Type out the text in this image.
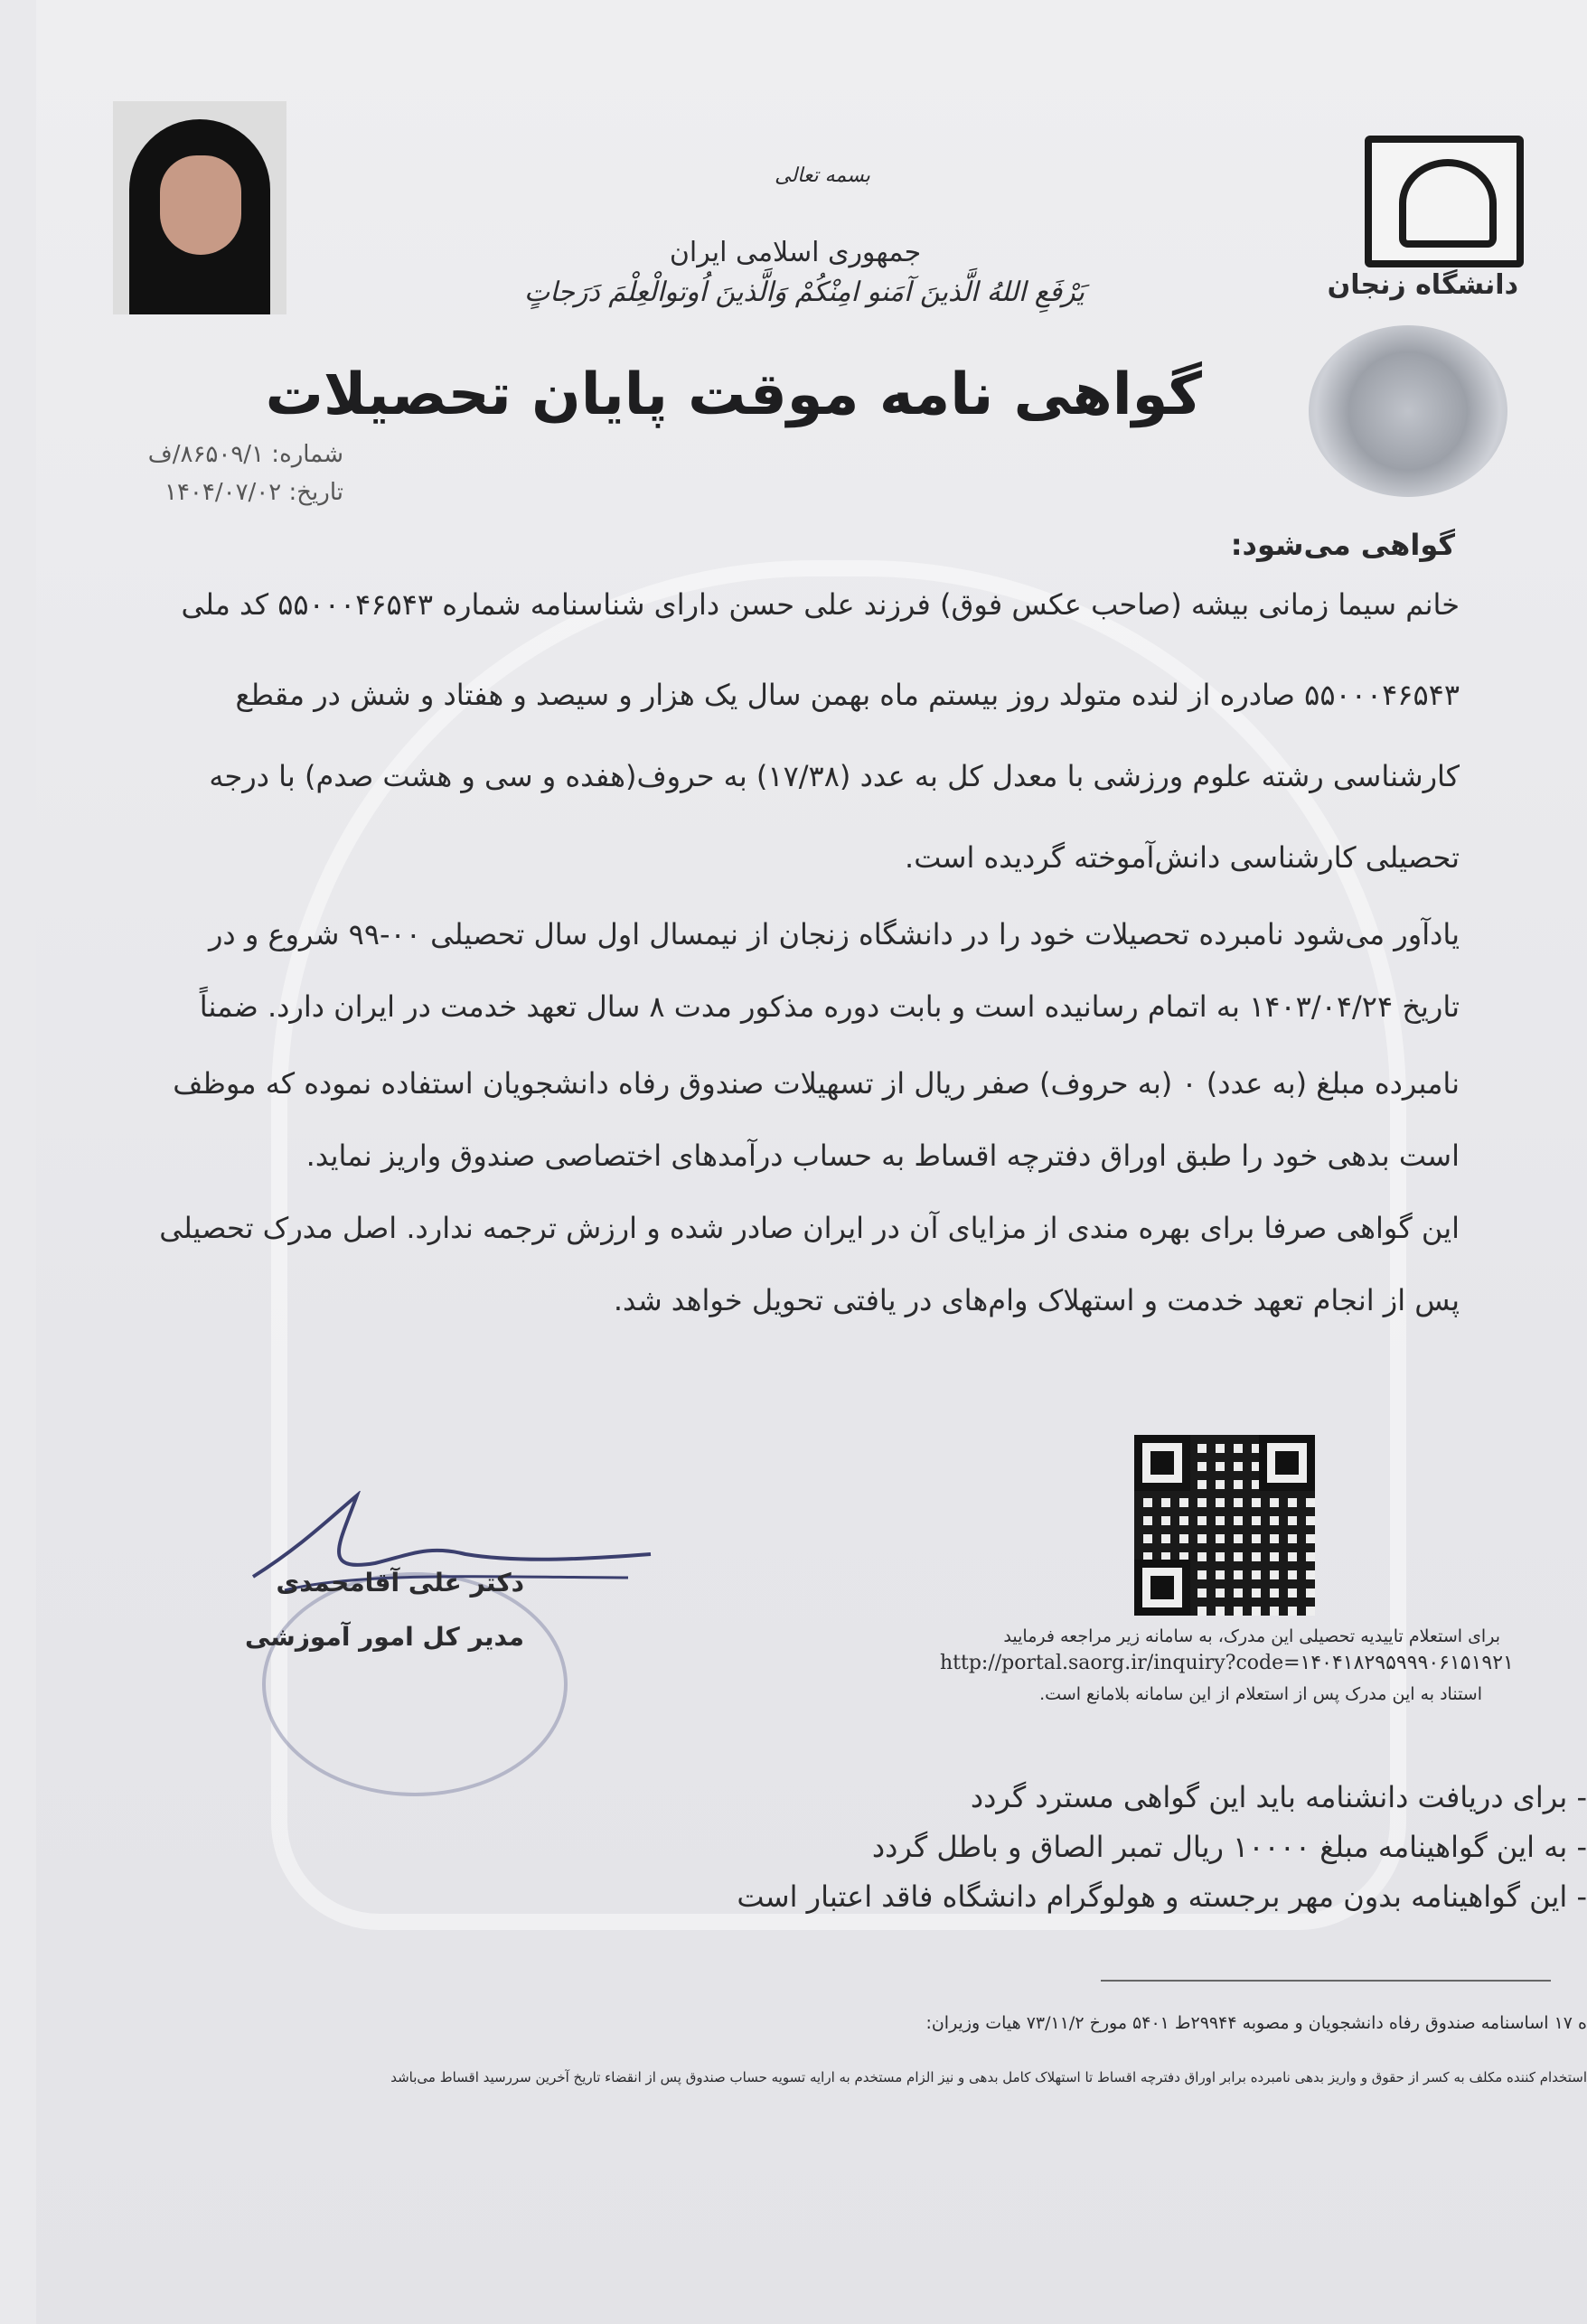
دانشگاه زنجان
بسمه تعالی
جمهوری اسلامی ایران
یَرْفَعِ اللهُ الَّذینَ آمَنو امِنْکُمْ وَالَّذینَ اُوتوالْعِلْمَ دَرَجاتٍ
گواهی نامه موقت پایان تحصیلات
شماره: ۸۶۵۰۹/۱/ف
تاریخ: ۱۴۰۴/۰۷/۰۲
گواهی می‌شود:
خانم سیما زمانی بیشه (صاحب عکس فوق) فرزند علی حسن دارای شناسنامه شماره ۵۵۰۰۰۴۶۵۴۳ کد ملی
۵۵۰۰۰۴۶۵۴۳ صادره از لنده متولد روز بیستم ماه بهمن سال یک هزار و سیصد و هفتاد و شش در مقطع
کارشناسی رشته علوم ورزشی با معدل کل به عدد (۱۷/۳۸) به حروف(هفده و سی و هشت صدم) با درجه
تحصیلی کارشناسی دانش‌آموخته گردیده است.
یادآور می‌شود نامبرده تحصیلات خود را در دانشگاه زنجان از نیمسال اول سال تحصیلی ۰۰-۹۹ شروع و در
تاریخ ۱۴۰۳/۰۴/۲۴ به اتمام رسانیده است و بابت دوره مذکور مدت ۸ سال تعهد خدمت در ایران دارد. ضمناً
نامبرده مبلغ (به عدد) ۰ (به حروف) صفر ریال از تسهیلات صندوق رفاه دانشجویان استفاده نموده که موظف
است بدهی خود را طبق اوراق دفترچه اقساط به حساب درآمدهای اختصاصی صندوق واریز نماید.
این گواهی صرفا برای بهره مندی از مزایای آن در ایران صادر شده و ارزش ترجمه ندارد. اصل مدرک تحصیلی
پس از انجام تعهد خدمت و استهلاک وام‌های در یافتی تحویل خواهد شد.
برای استعلام تاییدیه تحصیلی این مدرک، به سامانه زیر مراجعه فرمایید
http://portal.saorg.ir/inquiry?code=۱۴۰۴۱۸۲۹۵۹۹۹۰۶۱۵۱۹۲۱
استناد به این مدرک پس از استعلام از این سامانه بلامانع است.
دکتر علی آقامحمدی
مدیر کل امور آموزشی
- برای دریافت دانشنامه باید این گواهی مسترد گردد
- به این گواهینامه مبلغ ۱۰۰۰۰ ریال تمبر الصاق و باطل گردد
- این گواهینامه بدون مهر برجسته و هولوگرام دانشگاه فاقد اعتبار است
ه ۱۷ اساسنامه صندوق رفاه دانشجویان و مصوبه ۲۹۹۴۴ط ۵۴۰۱ مورخ ۷۳/۱۱/۲ هیات وزیران:
استخدام کننده مکلف به کسر از حقوق و واریز بدهی نامبرده برابر اوراق دفترچه اقساط تا استهلاک کامل بدهی و نیز الزام مستخدم به ارایه تسویه حساب صندوق پس از انقضاء تاریخ آخرین سررسید اقساط می‌باشد
